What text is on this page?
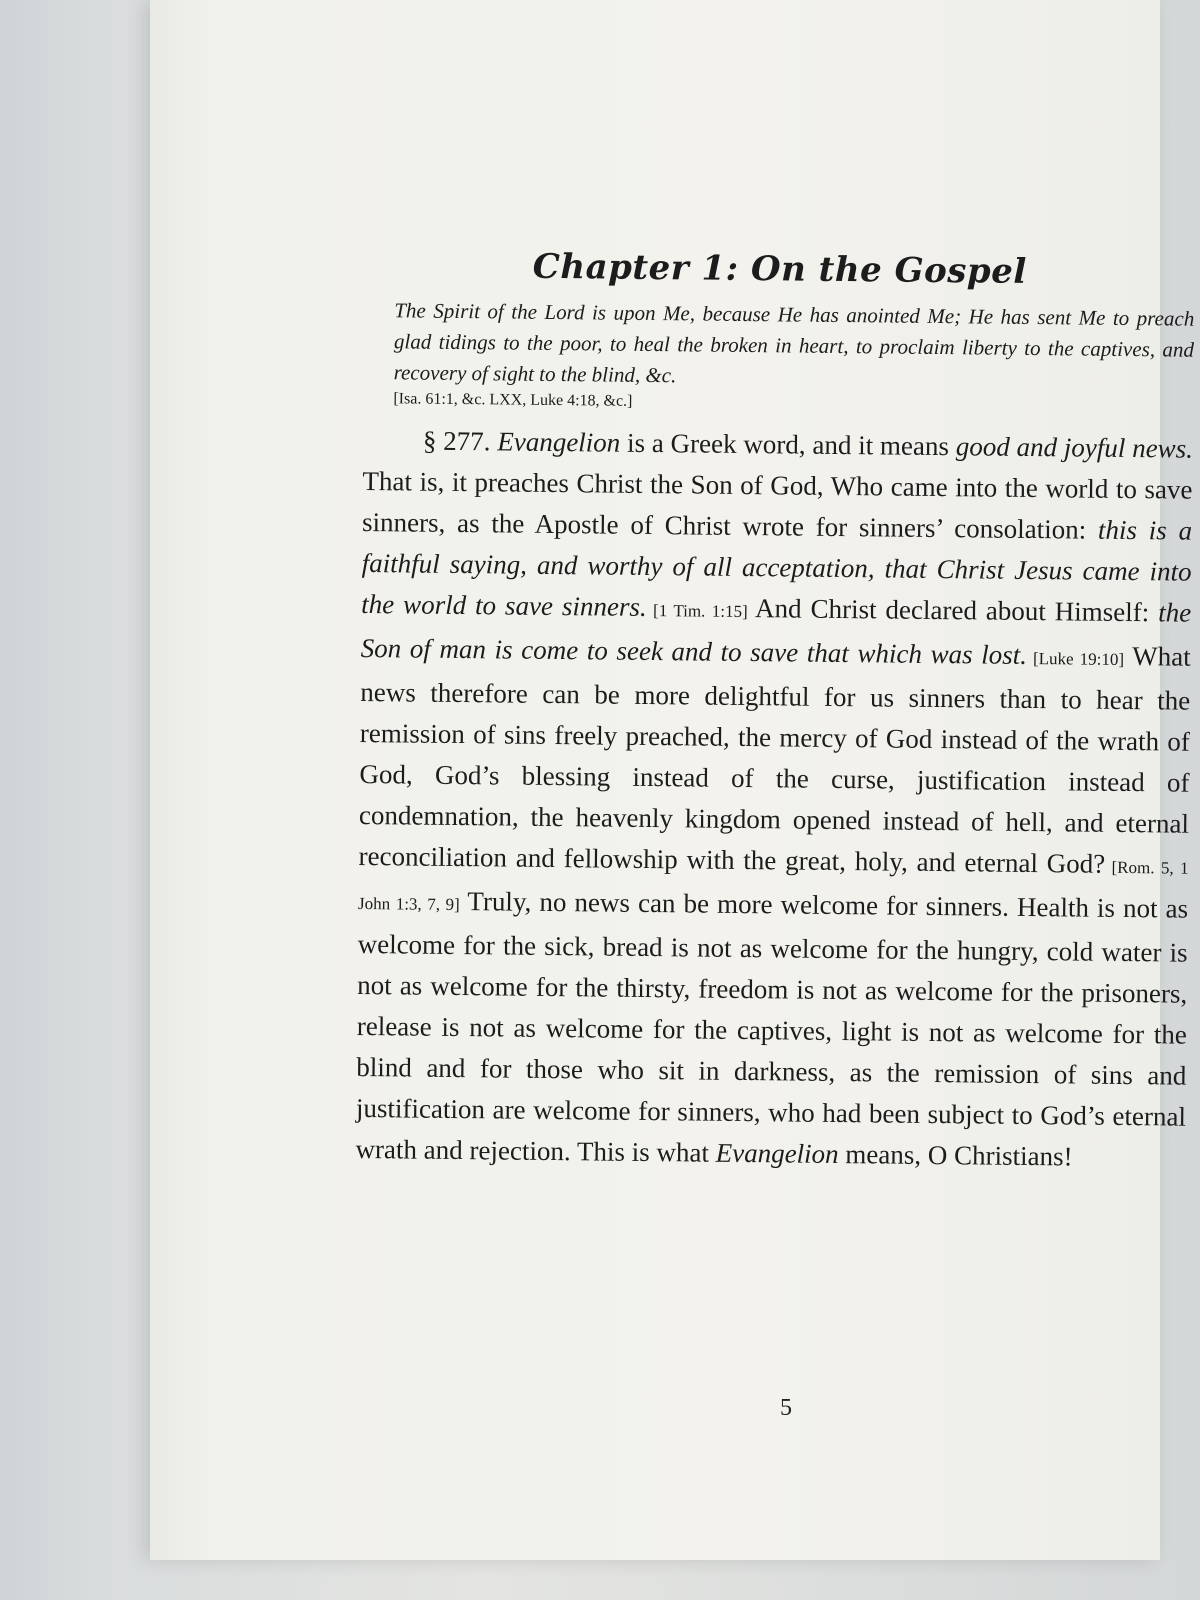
Chapter 1: On the Gospel
The Spirit of the Lord is upon Me, because He has anointed Me; He has sent Me to preach glad tidings to the poor, to heal the broken in heart, to proclaim liberty to the captives, and recovery of sight to the blind, &c.
[Isa. 61:1, &c. LXX, Luke 4:18, &c.]

§ 277. Evangelion is a Greek word, and it means good and joyful news. That is, it preaches Christ the Son of God, Who came into the world to save sinners, as the Apostle of Christ wrote for sinners’ consolation: this is a faithful saying, and worthy of all acceptation, that Christ Jesus came into the world to save sinners. [1 Tim. 1:15] And Christ declared about Himself: the Son of man is come to seek and to save that which was lost. [Luke 19:10] What news therefore can be more delightful for us sinners than to hear the remission of sins freely preached, the mercy of God instead of the wrath of God, God’s blessing instead of the curse, justification instead of condemnation, the heavenly kingdom opened instead of hell, and eternal reconciliation and fellowship with the great, holy, and eternal God? [Rom. 5, 1 John 1:3, 7, 9] Truly, no news can be more welcome for sinners. Health is not as welcome for the sick, bread is not as welcome for the hungry, cold water is not as welcome for the thirsty, freedom is not as welcome for the prisoners, release is not as welcome for the captives, light is not as welcome for the blind and for those who sit in darkness, as the remission of sins and justification are welcome for sinners, who had been subject to God’s eternal wrath and rejection. This is what Evangelion means, O Christians!

5
